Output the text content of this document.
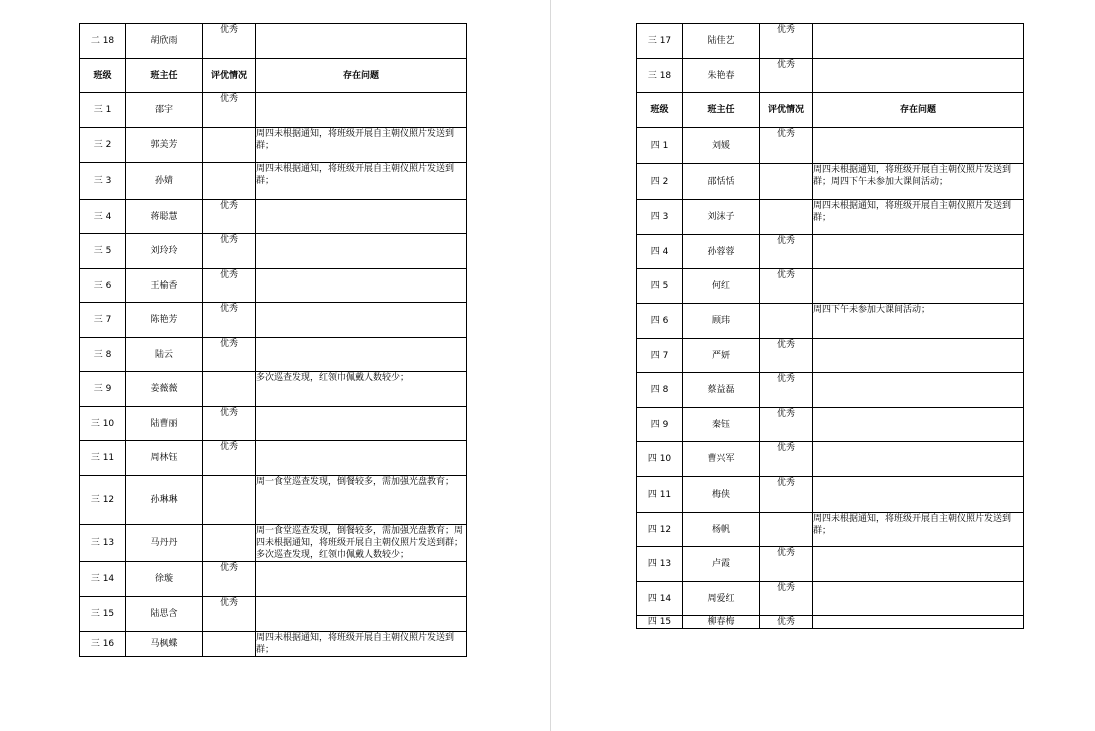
二 18	胡欣雨	优秀	
班级	班主任	评优情况	存在问题
三 1	邵宇	优秀	
三 2	郭美芳		周四未根据通知，将班级开展自主朝仪照片发送到群；
三 3	孙婧		周四未根据通知，将班级开展自主朝仪照片发送到群；
三 4	蒋聪慧	优秀	
三 5	刘玲玲	优秀	
三 6	王榆香	优秀	
三 7	陈艳芳	优秀	
三 8	陆云	优秀	
三 9	姜薇薇		多次巡查发现，红领巾佩戴人数较少；
三 10	陆曹丽	优秀	
三 11	周林钰	优秀	
三 12	孙琳琳		周一食堂巡查发现，倒餐较多，需加强光盘教育；
三 13	马丹丹		周一食堂巡查发现，倒餐较多，需加强光盘教育；周四未根据通知，将班级开展自主朝仪照片发送到群；多次巡查发现，红领巾佩戴人数较少；
三 14	徐璇	优秀	
三 15	陆思含	优秀	
三 16	马枫蝶		周四未根据通知，将班级开展自主朝仪照片发送到群；
三 17	陆佳艺	优秀	
三 18	朱艳春	优秀	
班级	班主任	评优情况	存在问题
四 1	刘媛	优秀	
四 2	邵恬恬		周四未根据通知，将班级开展自主朝仪照片发送到群；周四下午未参加大课间活动；
四 3	刘沫子		周四未根据通知，将班级开展自主朝仪照片发送到群；
四 4	孙蓉蓉	优秀	
四 5	何红	优秀	
四 6	顾玮		周四下午未参加大课间活动；
四 7	严妍	优秀	
四 8	蔡益磊	优秀	
四 9	秦钰	优秀	
四 10	曹兴军	优秀	
四 11	梅侠	优秀	
四 12	杨帆		周四未根据通知，将班级开展自主朝仪照片发送到群；
四 13	卢霞	优秀	
四 14	周爱红	优秀	
四 15	柳春梅	优秀	
